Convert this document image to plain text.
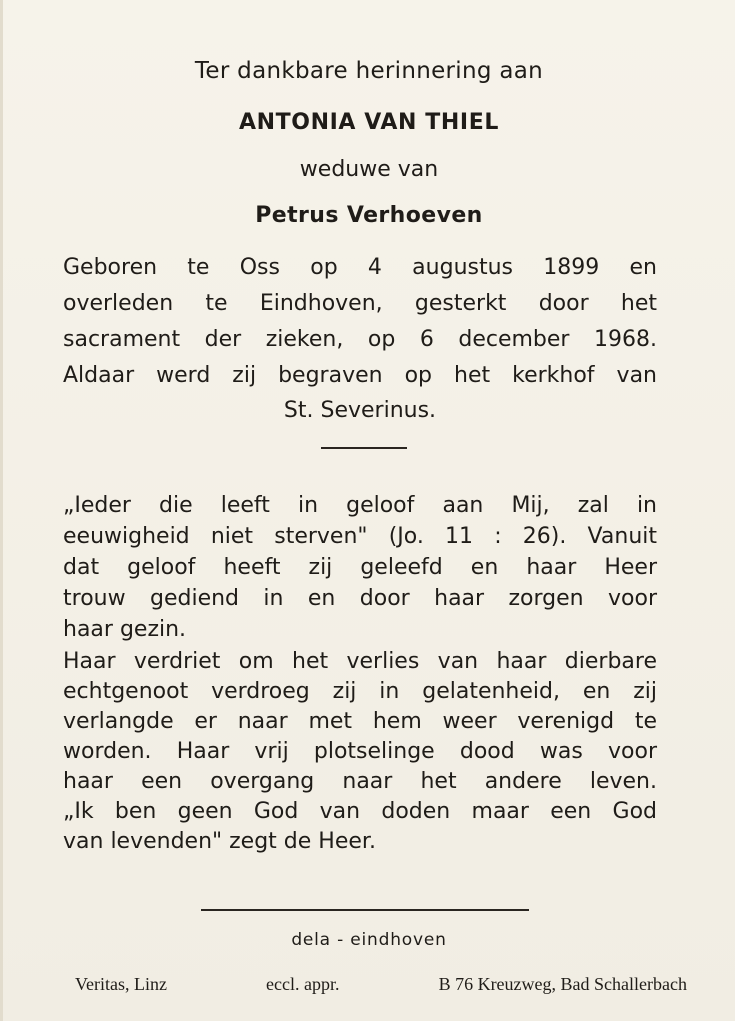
Ter dankbare herinnering aan
ANTONIA VAN THIEL
weduwe van
Petrus Verhoeven
Geboren te Oss op 4 augustus 1899 en
overleden te Eindhoven, gesterkt door het
sacrament der zieken, op 6 december 1968.
Aldaar werd zij begraven op het kerkhof van
St. Severinus.
„Ieder die leeft in geloof aan Mij, zal in
eeuwigheid niet sterven" (Jo. 11 : 26). Vanuit
dat geloof heeft zij geleefd en haar Heer
trouw gediend in en door haar zorgen voor
haar gezin.
Haar verdriet om het verlies van haar dierbare
echtgenoot verdroeg zij in gelatenheid, en zij
verlangde er naar met hem weer verenigd te
worden. Haar vrij plotselinge dood was voor
haar een overgang naar het andere leven.
„Ik ben geen God van doden maar een God
van levenden" zegt de Heer.
dela - eindhoven
Veritas, Linz	eccl. appr.	B 76 Kreuzweg, Bad Schallerbach
